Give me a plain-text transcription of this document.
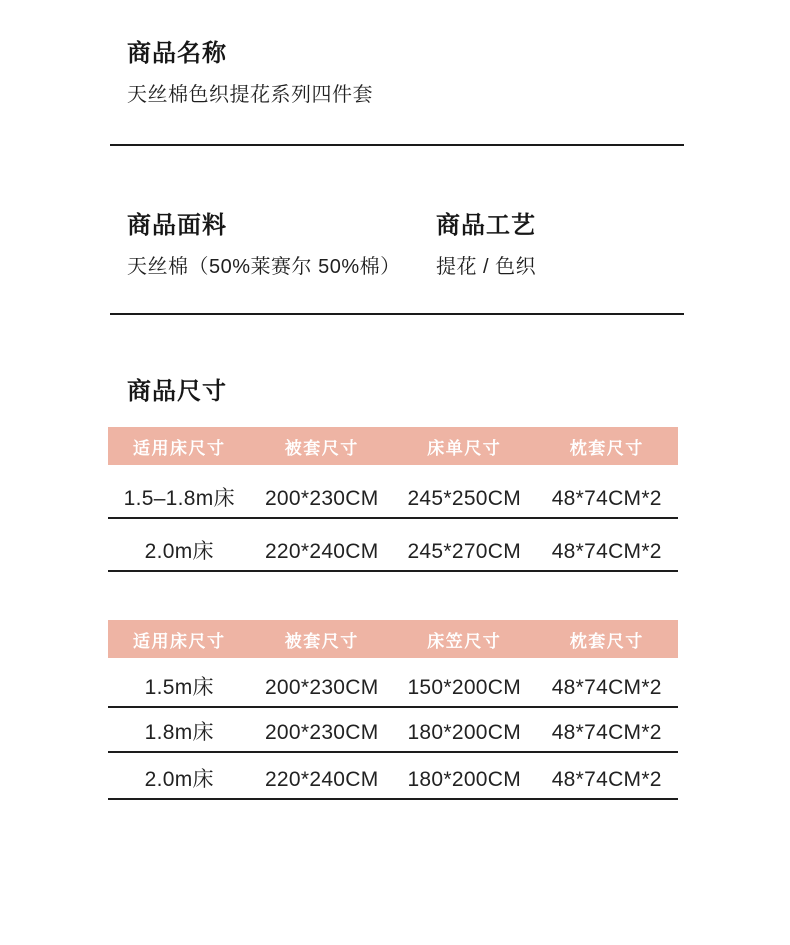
商品名称

天丝棉色织提花系列四件套

商品面料

天丝棉（50%莱赛尔 50%棉）

商品工艺

提花 / 色织

商品尺寸
适用床尺寸	被套尺寸	床单尺寸	枕套尺寸
1.5–1.8m床	200*230CM	245*250CM	48*74CM*2
2.0m床	220*240CM	245*270CM	48*74CM*2
适用床尺寸	被套尺寸	床笠尺寸	枕套尺寸
1.5m床	200*230CM	150*200CM	48*74CM*2
1.8m床	200*230CM	180*200CM	48*74CM*2
2.0m床	220*240CM	180*200CM	48*74CM*2
